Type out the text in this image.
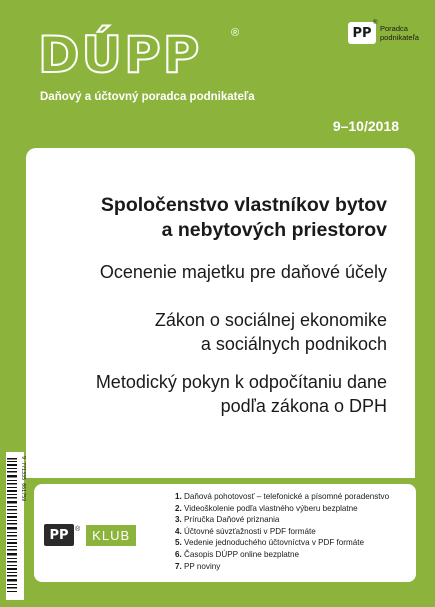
DÚPP	®
Daňový a účtovný poradca podnikateľa
9–10/2018
PP
®
Poradca podnikateľa
Spoločenstvo vlastníkov bytov
a nebytových priestorov
Ocenenie majetku pre daňové účely
Zákon o sociálnej ekonomike
a sociálnych podnikoch
Metodický pokyn k odpočítaniu dane
podľa zákona o DPH
9 771335 061759
PP ® KLUB
1. Daňová pohotovosť – telefonické a písomné poradenstvo
2. Videoškolenie podľa vlastného výberu bezplatne
3. Príručka Daňové priznania
4. Účtovné súvzťažnosti v PDF formáte
5. Vedenie jednoduchého účtovníctva v PDF formáte
6. Časopis DÚPP online bezplatne
7. PP noviny
